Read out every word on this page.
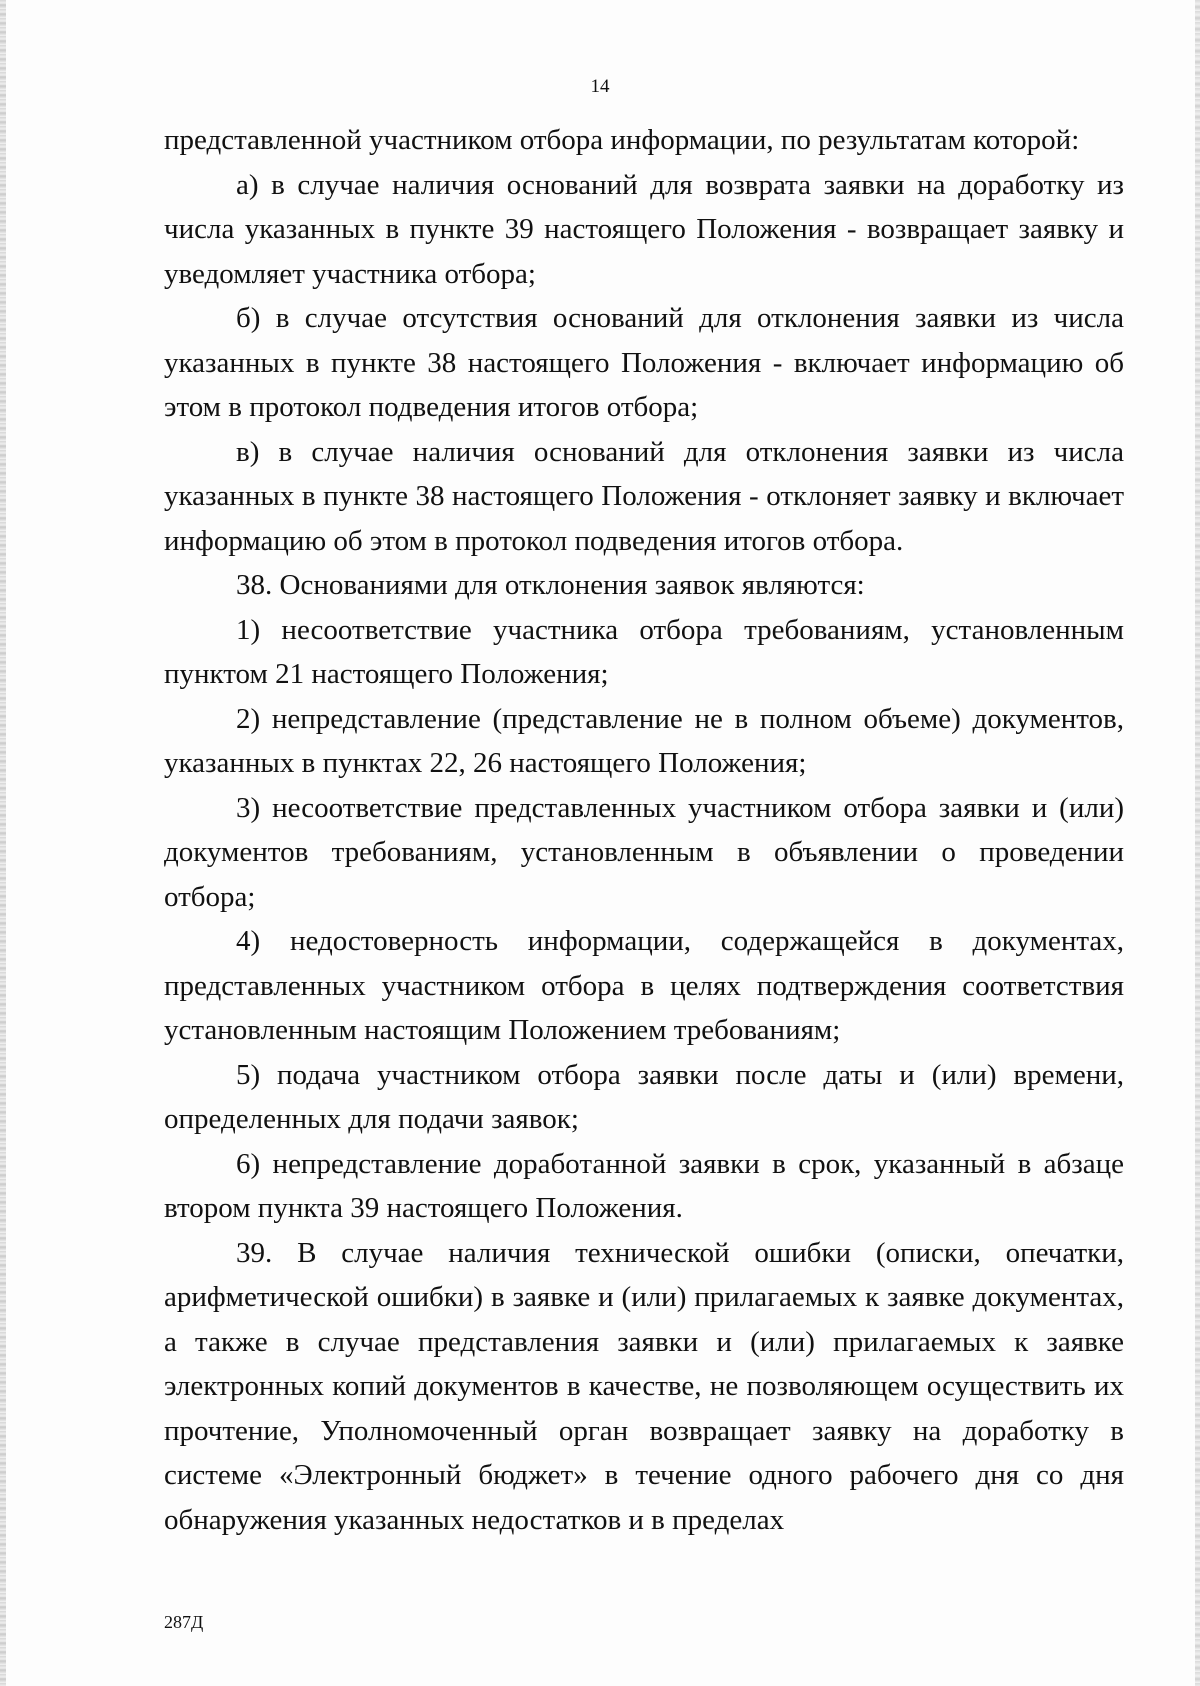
14

представленной участником отбора информации, по результатам которой:

а) в случае наличия оснований для возврата заявки на доработку из числа указанных в пункте 39 настоящего Положения - возвращает заявку и уведомляет участника отбора;

б) в случае отсутствия оснований для отклонения заявки из числа указанных в пункте 38 настоящего Положения - включает информацию об этом в протокол подведения итогов отбора;

в) в случае наличия оснований для отклонения заявки из числа указанных в пункте 38 настоящего Положения - отклоняет заявку и включает информацию об этом в протокол подведения итогов отбора.

38. Основаниями для отклонения заявок являются:

1) несоответствие участника отбора требованиям, установленным пунктом 21 настоящего Положения;

2) непредставление (представление не в полном объеме) документов, указанных в пунктах 22, 26 настоящего Положения;

3) несоответствие представленных участником отбора заявки и (или) документов требованиям, установленным в объявлении о проведении отбора;

4) недостоверность информации, содержащейся в документах, представленных участником отбора в целях подтверждения соответствия установленным настоящим Положением требованиям;

5) подача участником отбора заявки после даты и (или) времени, определенных для подачи заявок;

6) непредставление доработанной заявки в срок, указанный в абзаце втором пункта 39 настоящего Положения.

39. В случае наличия технической ошибки (описки, опечатки, арифметической ошибки) в заявке и (или) прилагаемых к заявке документах, а также в случае представления заявки и (или) прилагаемых к заявке электронных копий документов в качестве, не позволяющем осуществить их прочтение, Уполномоченный орган возвращает заявку на доработку в системе «Электронный бюджет» в течение одного рабочего дня со дня обнаружения указанных недостатков и в пределах

287Д
